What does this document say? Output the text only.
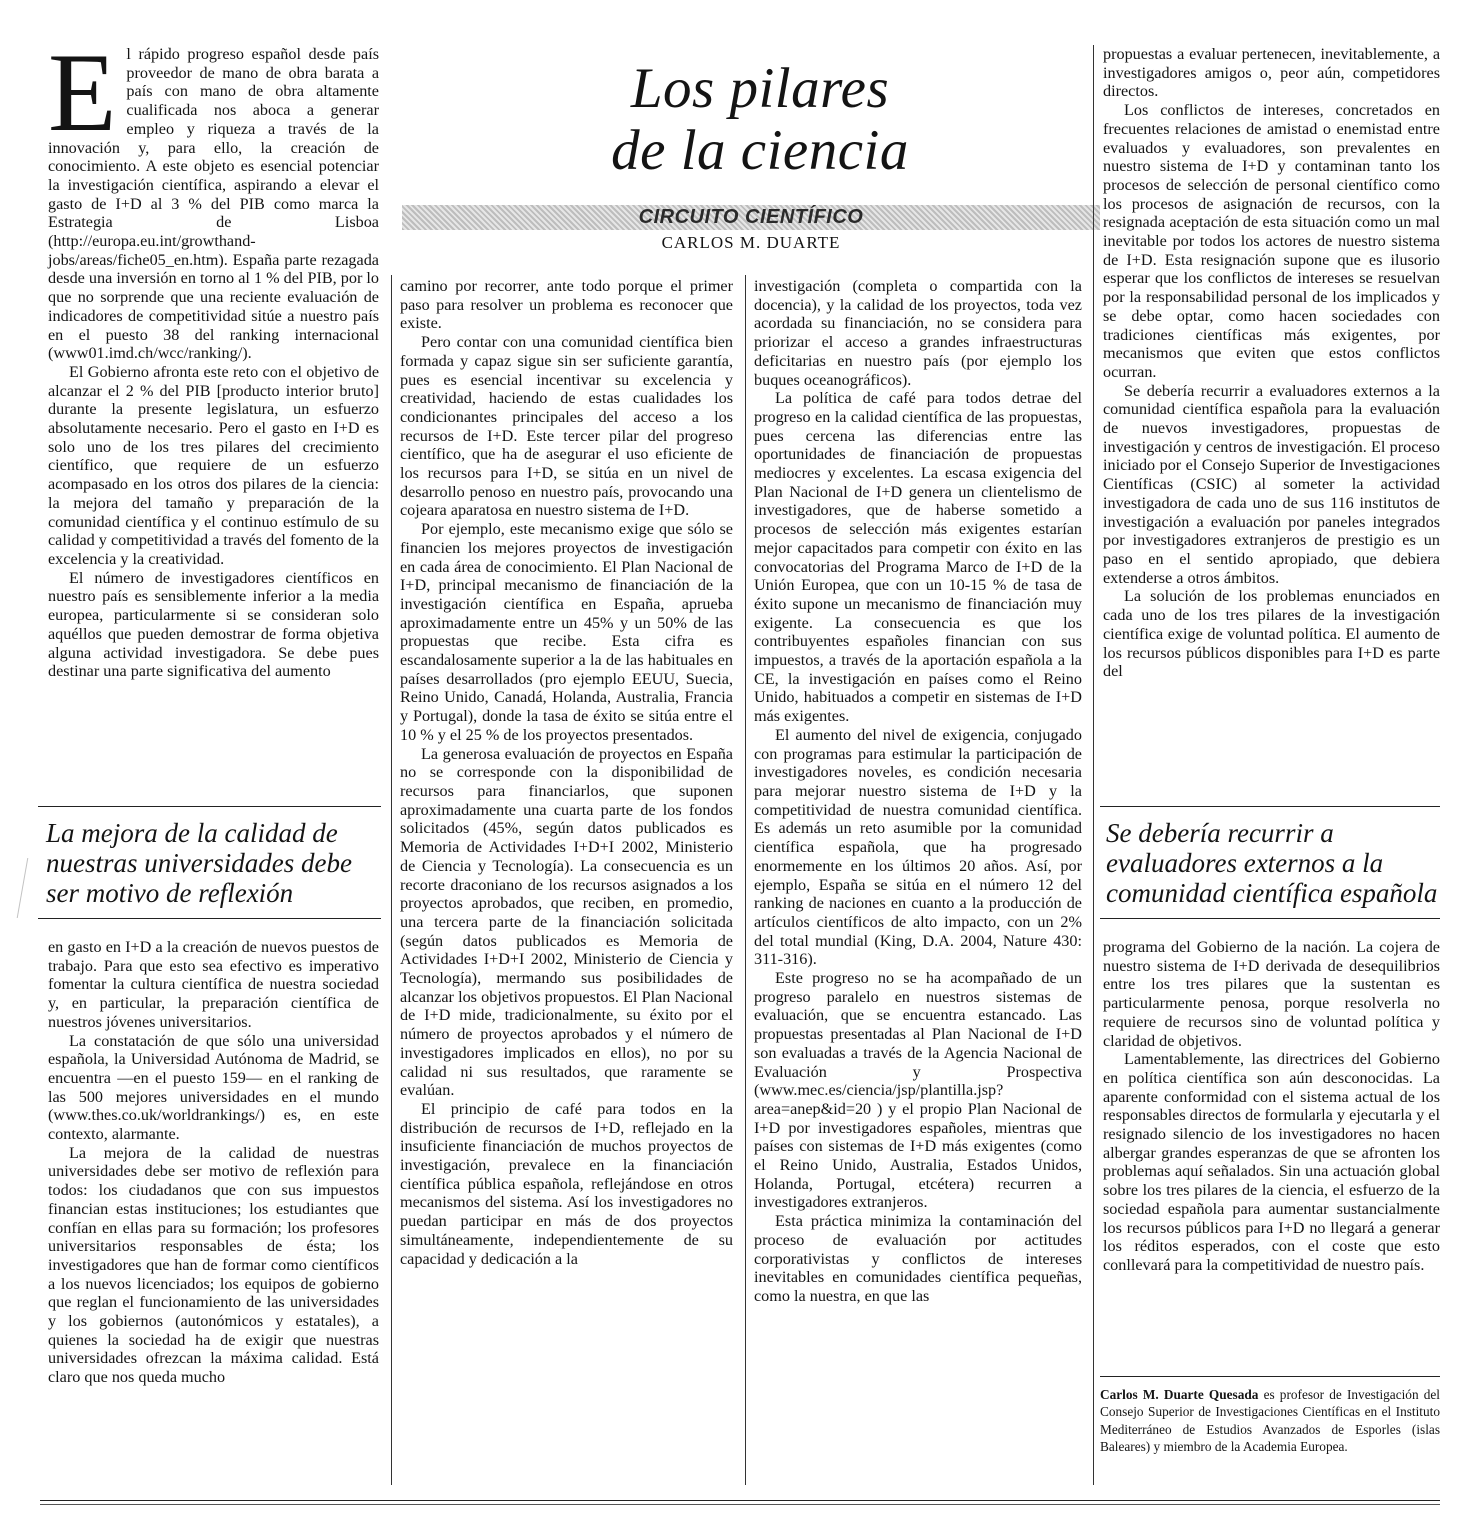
Los pilares
de la ciencia
CIRCUITO CIENTÍFICO
CARLOS M. DUARTE

El rápido progreso español desde país proveedor de mano de obra barata a país con mano de obra altamente cualificada nos aboca a generar empleo y riqueza a través de la innovación y, para ello, la creación de conocimiento. A este objeto es esencial potenciar la investigación científica, aspirando a elevar el gasto de I+D al 3 % del PIB como marca la Estrategia de Lisboa (http://europa.eu.int/growthandjobs/areas/fiche05_en.htm). España parte rezagada desde una inversión en torno al 1 % del PIB, por lo que no sorprende que una reciente evaluación de indicadores de competitividad sitúe a nuestro país en el puesto 38 del ranking internacional (www01.imd.ch/wcc/ranking/).

El Gobierno afronta este reto con el objetivo de alcanzar el 2 % del PIB [producto interior bruto] durante la presente legislatura, un esfuerzo absolutamente necesario. Pero el gasto en I+D es solo uno de los tres pilares del crecimiento científico, que requiere de un esfuerzo acompasado en los otros dos pilares de la ciencia: la mejora del tamaño y preparación de la comunidad científica y el continuo estímulo de su calidad y competitividad a través del fomento de la excelencia y la creatividad.

El número de investigadores científicos en nuestro país es sensiblemente inferior a la media europea, particularmente si se consideran solo aquéllos que pueden demostrar de forma objetiva alguna actividad investigadora. Se debe pues destinar una parte significativa del aumento

La mejora de la calidad de nuestras universidades debe ser motivo de reflexión

en gasto en I+D a la creación de nuevos puestos de trabajo. Para que esto sea efectivo es imperativo fomentar la cultura científica de nuestra sociedad y, en particular, la preparación científica de nuestros jóvenes universitarios.

La constatación de que sólo una universidad española, la Universidad Autónoma de Madrid, se encuentra —en el puesto 159— en el ranking de las 500 mejores universidades en el mundo (www.thes.co.uk/worldrankings/) es, en este contexto, alarmante.

La mejora de la calidad de nuestras universidades debe ser motivo de reflexión para todos: los ciudadanos que con sus impuestos financian estas instituciones; los estudiantes que confían en ellas para su formación; los profesores universitarios responsables de ésta; los investigadores que han de formar como científicos a los nuevos licenciados; los equipos de gobierno que reglan el funcionamiento de las universidades y los gobiernos (autonómicos y estatales), a quienes la sociedad ha de exigir que nuestras universidades ofrezcan la máxima calidad. Está claro que nos queda mucho

camino por recorrer, ante todo porque el primer paso para resolver un problema es reconocer que existe.

Pero contar con una comunidad científica bien formada y capaz sigue sin ser suficiente garantía, pues es esencial incentivar su excelencia y creatividad, haciendo de estas cualidades los condicionantes principales del acceso a los recursos de I+D. Este tercer pilar del progreso científico, que ha de asegurar el uso eficiente de los recursos para I+D, se sitúa en un nivel de desarrollo penoso en nuestro país, provocando una cojeara aparatosa en nuestro sistema de I+D.

Por ejemplo, este mecanismo exige que sólo se financien los mejores proyectos de investigación en cada área de conocimiento. El Plan Nacional de I+D, principal mecanismo de financiación de la investigación científica en España, aprueba aproximadamente entre un 45% y un 50% de las propuestas que recibe. Esta cifra es escandalosamente superior a la de las habituales en países desarrollados (pro ejemplo EEUU, Suecia, Reino Unido, Canadá, Holanda, Australia, Francia y Portugal), donde la tasa de éxito se sitúa entre el 10 % y el 25 % de los proyectos presentados.

La generosa evaluación de proyectos en España no se corresponde con la disponibilidad de recursos para financiarlos, que suponen aproximadamente una cuarta parte de los fondos solicitados (45%, según datos publicados es Memoria de Actividades I+D+I 2002, Ministerio de Ciencia y Tecnología). La consecuencia es un recorte draconiano de los recursos asignados a los proyectos aprobados, que reciben, en promedio, una tercera parte de la financiación solicitada (según datos publicados es Memoria de Actividades I+D+I 2002, Ministerio de Ciencia y Tecnología), mermando sus posibilidades de alcanzar los objetivos propuestos. El Plan Nacional de I+D mide, tradicionalmente, su éxito por el número de proyectos aprobados y el número de investigadores implicados en ellos), no por su calidad ni sus resultados, que raramente se evalúan.

El principio de café para todos en la distribución de recursos de I+D, reflejado en la insuficiente financiación de muchos proyectos de investigación, prevalece en la financiación científica pública española, reflejándose en otros mecanismos del sistema. Así los investigadores no puedan participar en más de dos proyectos simultáneamente, independientemente de su capacidad y dedicación a la

investigación (completa o compartida con la docencia), y la calidad de los proyectos, toda vez acordada su financiación, no se considera para priorizar el acceso a grandes infraestructuras deficitarias en nuestro país (por ejemplo los buques oceanográficos).

La política de café para todos detrae del progreso en la calidad científica de las propuestas, pues cercena las diferencias entre las oportunidades de financiación de propuestas mediocres y excelentes. La escasa exigencia del Plan Nacional de I+D genera un clientelismo de investigadores, que de haberse sometido a procesos de selección más exigentes estarían mejor capacitados para competir con éxito en las convocatorias del Programa Marco de I+D de la Unión Europea, que con un 10-15 % de tasa de éxito supone un mecanismo de financiación muy exigente. La consecuencia es que los contribuyentes españoles financian con sus impuestos, a través de la aportación española a la CE, la investigación en países como el Reino Unido, habituados a competir en sistemas de I+D más exigentes.

El aumento del nivel de exigencia, conjugado con programas para estimular la participación de investigadores noveles, es condición necesaria para mejorar nuestro sistema de I+D y la competitividad de nuestra comunidad científica. Es además un reto asumible por la comunidad científica española, que ha progresado enormemente en los últimos 20 años. Así, por ejemplo, España se sitúa en el número 12 del ranking de naciones en cuanto a la producción de artículos científicos de alto impacto, con un 2% del total mundial (King, D.A. 2004, Nature 430: 311-316).

Este progreso no se ha acompañado de un progreso paralelo en nuestros sistemas de evaluación, que se encuentra estancado. Las propuestas presentadas al Plan Nacional de I+D son evaluadas a través de la Agencia Nacional de Evaluación y Prospectiva (www.mec.es/ciencia/jsp/plantilla.jsp?area=anep&id=20 ) y el propio Plan Nacional de I+D por investigadores españoles, mientras que países con sistemas de I+D más exigentes (como el Reino Unido, Australia, Estados Unidos, Holanda, Portugal, etcétera) recurren a investigadores extranjeros.

Esta práctica minimiza la contaminación del proceso de evaluación por actitudes corporativistas y conflictos de intereses inevitables en comunidades científica pequeñas, como la nuestra, en que las

propuestas a evaluar pertenecen, inevitablemente, a investigadores amigos o, peor aún, competidores directos.

Los conflictos de intereses, concretados en frecuentes relaciones de amistad o enemistad entre evaluados y evaluadores, son prevalentes en nuestro sistema de I+D y contaminan tanto los procesos de selección de personal científico como los procesos de asignación de recursos, con la resignada aceptación de esta situación como un mal inevitable por todos los actores de nuestro sistema de I+D. Esta resignación supone que es ilusorio esperar que los conflictos de intereses se resuelvan por la responsabilidad personal de los implicados y se debe optar, como hacen sociedades con tradiciones científicas más exigentes, por mecanismos que eviten que estos conflictos ocurran.

Se debería recurrir a evaluadores externos a la comunidad científica española para la evaluación de nuevos investigadores, propuestas de investigación y centros de investigación. El proceso iniciado por el Consejo Superior de Investigaciones Científicas (CSIC) al someter la actividad investigadora de cada uno de sus 116 institutos de investigación a evaluación por paneles integrados por investigadores extranjeros de prestigio es un paso en el sentido apropiado, que debiera extenderse a otros ámbitos.

La solución de los problemas enunciados en cada uno de los tres pilares de la investigación científica exige de voluntad política. El aumento de los recursos públicos disponibles para I+D es parte del

Se debería recurrir a evaluadores externos a la comunidad científica española

programa del Gobierno de la nación. La cojera de nuestro sistema de I+D derivada de desequilibrios entre los tres pilares que la sustentan es particularmente penosa, porque resolverla no requiere de recursos sino de voluntad política y claridad de objetivos.

Lamentablemente, las directrices del Gobierno en política científica son aún desconocidas. La aparente conformidad con el sistema actual de los responsables directos de formularla y ejecutarla y el resignado silencio de los investigadores no hacen albergar grandes esperanzas de que se afronten los problemas aquí señalados. Sin una actuación global sobre los tres pilares de la ciencia, el esfuerzo de la sociedad española para aumentar sustancialmente los recursos públicos para I+D no llegará a generar los réditos esperados, con el coste que esto conllevará para la competitividad de nuestro país.

Carlos M. Duarte Quesada es profesor de Investigación del Consejo Superior de Investigaciones Científicas en el Instituto Mediterráneo de Estudios Avanzados de Esporles (islas Baleares) y miembro de la Academia Europea.
